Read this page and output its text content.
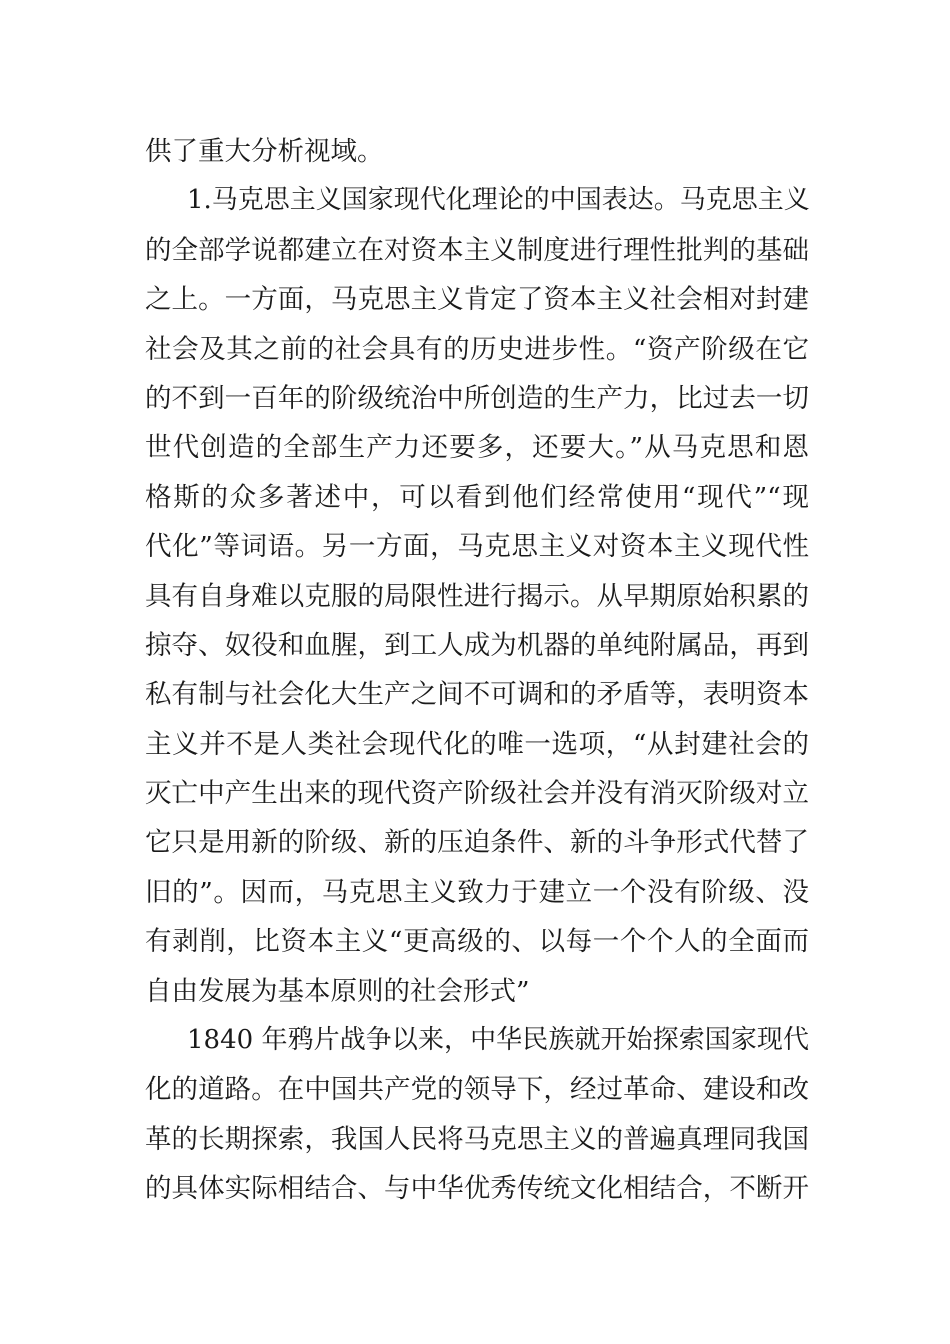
供了重大分析视域。
1.马克思主义国家现代化理论的中国表达。马克思主义
的全部学说都建立在对资本主义制度进行理性批判的基础
之上。一方面，马克思主义肯定了资本主义社会相对封建
社会及其之前的社会具有的历史进步性。“资产阶级在它
的不到一百年的阶级统治中所创造的生产力，比过去一切
世代创造的全部生产力还要多，还要大。”从马克思和恩
格斯的众多著述中，可以看到他们经常使用“现代”“现
代化”等词语。另一方面，马克思主义对资本主义现代性
具有自身难以克服的局限性进行揭示。从早期原始积累的
掠夺、奴役和血腥，到工人成为机器的单纯附属品，再到
私有制与社会化大生产之间不可调和的矛盾等，表明资本
主义并不是人类社会现代化的唯一选项，“从封建社会的
灭亡中产生出来的现代资产阶级社会并没有消灭阶级对立
它只是用新的阶级、新的压迫条件、新的斗争形式代替了
旧的”。因而，马克思主义致力于建立一个没有阶级、没
有剥削，比资本主义“更高级的、以每一个个人的全面而
自由发展为基本原则的社会形式”
1840 年鸦片战争以来，中华民族就开始探索国家现代
化的道路。在中国共产党的领导下，经过革命、建设和改
革的长期探索，我国人民将马克思主义的普遍真理同我国
的具体实际相结合、与中华优秀传统文化相结合，不断开
